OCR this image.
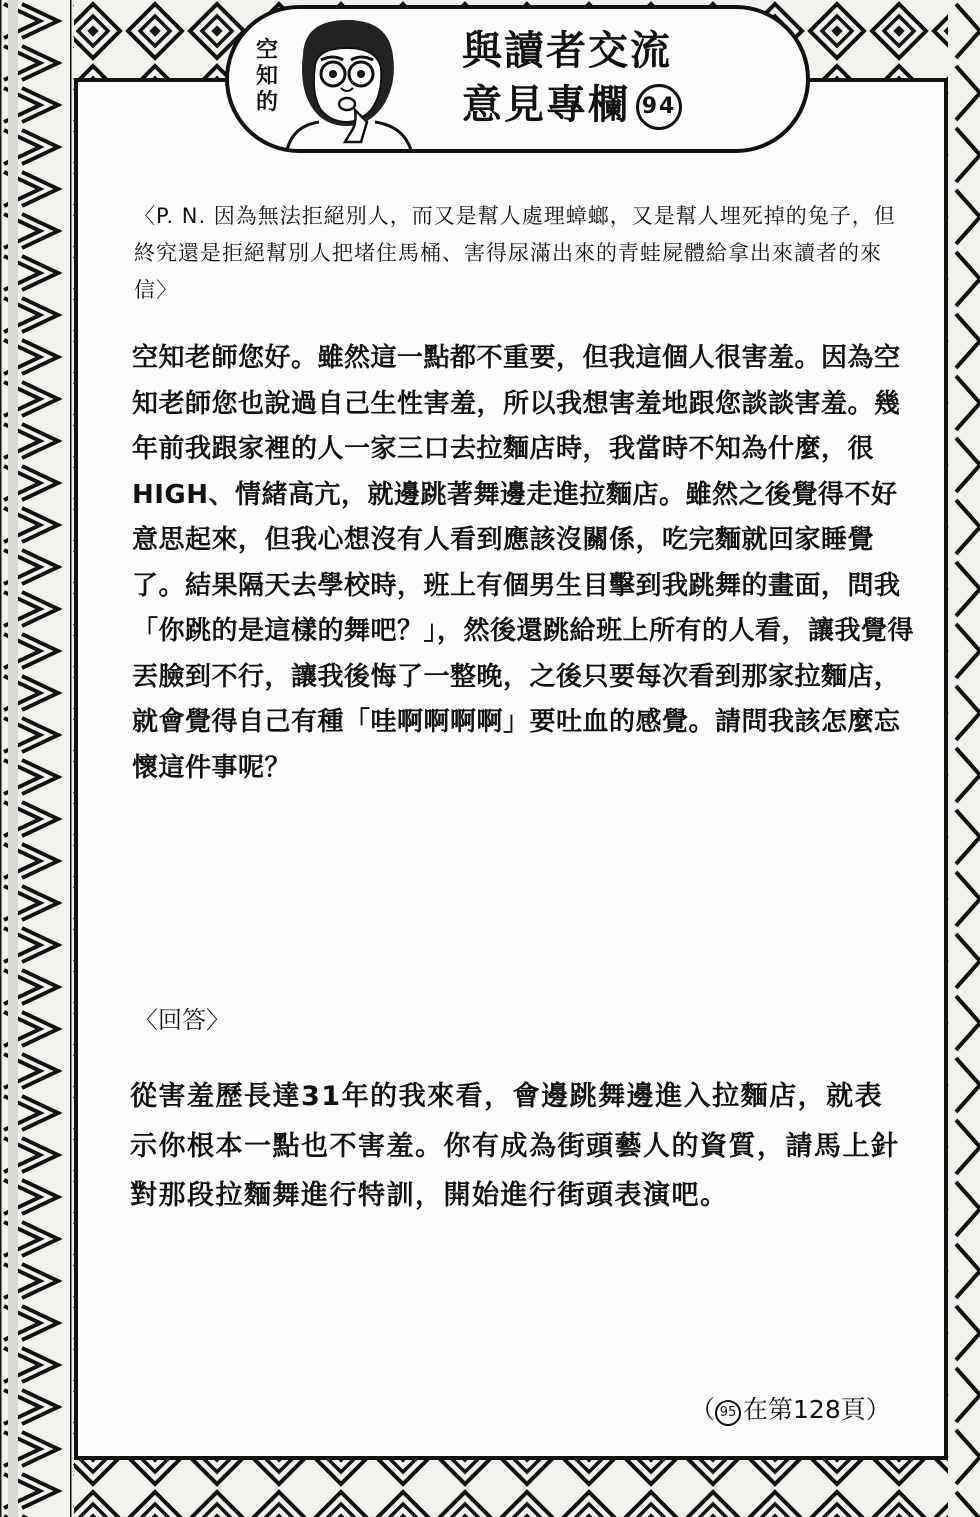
空
知
的
與讀者交流
意見專欄 94
〈P. N. 因為無法拒絕別人，而又是幫人處理蟑螂，又是幫人埋死掉的兔子，但終究還是拒絕幫別人把堵住馬桶、害得尿滿出來的青蛙屍體給拿出來讀者的來信〉
空知老師您好。雖然這一點都不重要，但我這個人很害羞。因為空知老師您也說過自己生性害羞，所以我想害羞地跟您談談害羞。幾年前我跟家裡的人一家三口去拉麵店時，我當時不知為什麼，很HIGH、情緒高亢，就邊跳著舞邊走進拉麵店。雖然之後覺得不好意思起來，但我心想沒有人看到應該沒關係，吃完麵就回家睡覺了。結果隔天去學校時，班上有個男生目擊到我跳舞的畫面，問我「你跳的是這樣的舞吧？」，然後還跳給班上所有的人看，讓我覺得丟臉到不行，讓我後悔了一整晚，之後只要每次看到那家拉麵店，就會覺得自己有種「哇啊啊啊啊」要吐血的感覺。請問我該怎麼忘懷這件事呢？
〈回答〉
從害羞歷長達31年的我來看，會邊跳舞邊進入拉麵店，就表示你根本一點也不害羞。你有成為街頭藝人的資質，請馬上針對那段拉麵舞進行特訓，開始進行街頭表演吧。
（ 95 在第128頁）
